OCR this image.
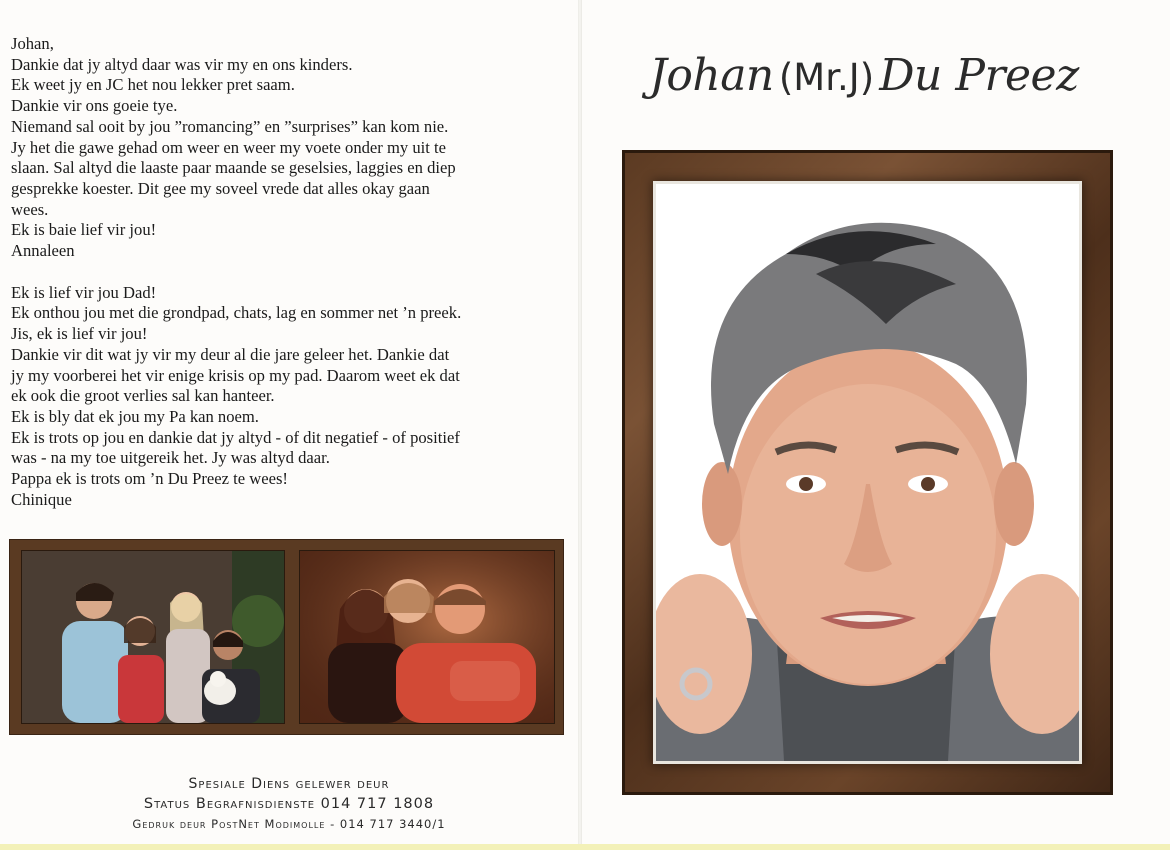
Johan,
Dankie dat jy altyd daar was vir my en ons kinders.
Ek weet jy en JC het nou lekker pret saam.
Dankie vir ons goeie tye.
Niemand sal ooit by jou ”romancing” en ”surprises” kan kom nie.
Jy het die gawe gehad om weer en weer my voete onder my uit te
slaan. Sal altyd die laaste paar maande se geselsies, laggies en diep
gesprekke koester. Dit gee my soveel vrede dat alles okay gaan
wees.
Ek is baie lief vir jou!
Annaleen
Ek is lief vir jou Dad!
Ek onthou jou met die grondpad, chats, lag en sommer net ’n preek.
Jis, ek is lief vir jou!
Dankie vir dit wat jy vir my deur al die jare geleer het. Dankie dat
jy my voorberei het vir enige krisis op my pad. Daarom weet ek dat
ek ook die groot verlies sal kan hanteer.
Ek is bly dat ek jou my Pa kan noem.
Ek is trots op jou en dankie dat jy altyd - of dit negatief - of positief
was - na my toe uitgereik het. Jy was altyd daar.
Pappa ek is trots om ’n Du Preez te wees!
Chinique
Spesiale Diens gelewer deur
Status Begrafnisdienste 014 717 1808
Gedruk deur PostNet Modimolle - 014 717 3440/1
Johan (Mr.J) Du Preez
